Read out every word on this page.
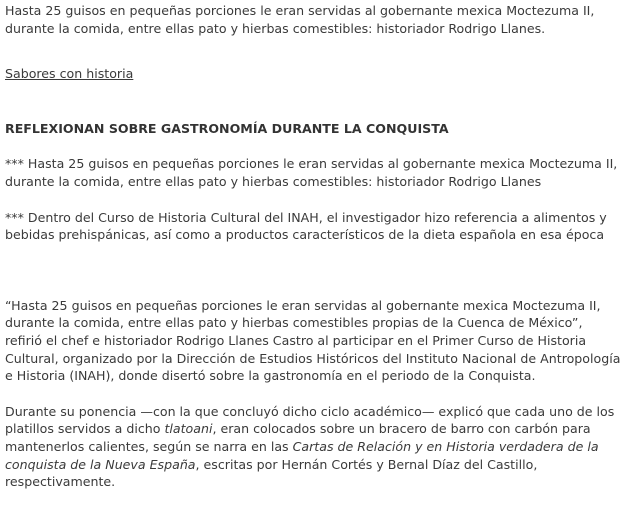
Hasta 25 guisos en pequeñas porciones le eran servidas al gobernante mexica Moctezuma II, durante la comida, entre ellas pato y hierbas comestibles: historiador Rodrigo Llanes.

Sabores con historia

REFLEXIONAN SOBRE GASTRONOMÍA DURANTE LA CONQUISTA

*** Hasta 25 guisos en pequeñas porciones le eran servidas al gobernante mexica Moctezuma II, durante la comida, entre ellas pato y hierbas comestibles: historiador Rodrigo Llanes

*** Dentro del Curso de Historia Cultural del INAH, el investigador hizo referencia a alimentos y bebidas prehispánicas, así como a productos característicos de la dieta española en esa época

“Hasta 25 guisos en pequeñas porciones le eran servidas al gobernante mexica Moctezuma II, durante la comida, entre ellas pato y hierbas comestibles propias de la Cuenca de México”, refirió el chef e historiador Rodrigo Llanes Castro al participar en el Primer Curso de Historia Cultural, organizado por la Dirección de Estudios Históricos del Instituto Nacional de Antropología e Historia (INAH), donde disertó sobre la gastronomía en el periodo de la Conquista.

Durante su ponencia —con la que concluyó dicho ciclo académico— explicó que cada uno de los platillos servidos a dicho tlatoani, eran colocados sobre un bracero de barro con carbón para mantenerlos calientes, según se narra en las Cartas de Relación y en Historia verdadera de la conquista de la Nueva España, escritas por Hernán Cortés y Bernal Díaz del Castillo, respectivamente.
